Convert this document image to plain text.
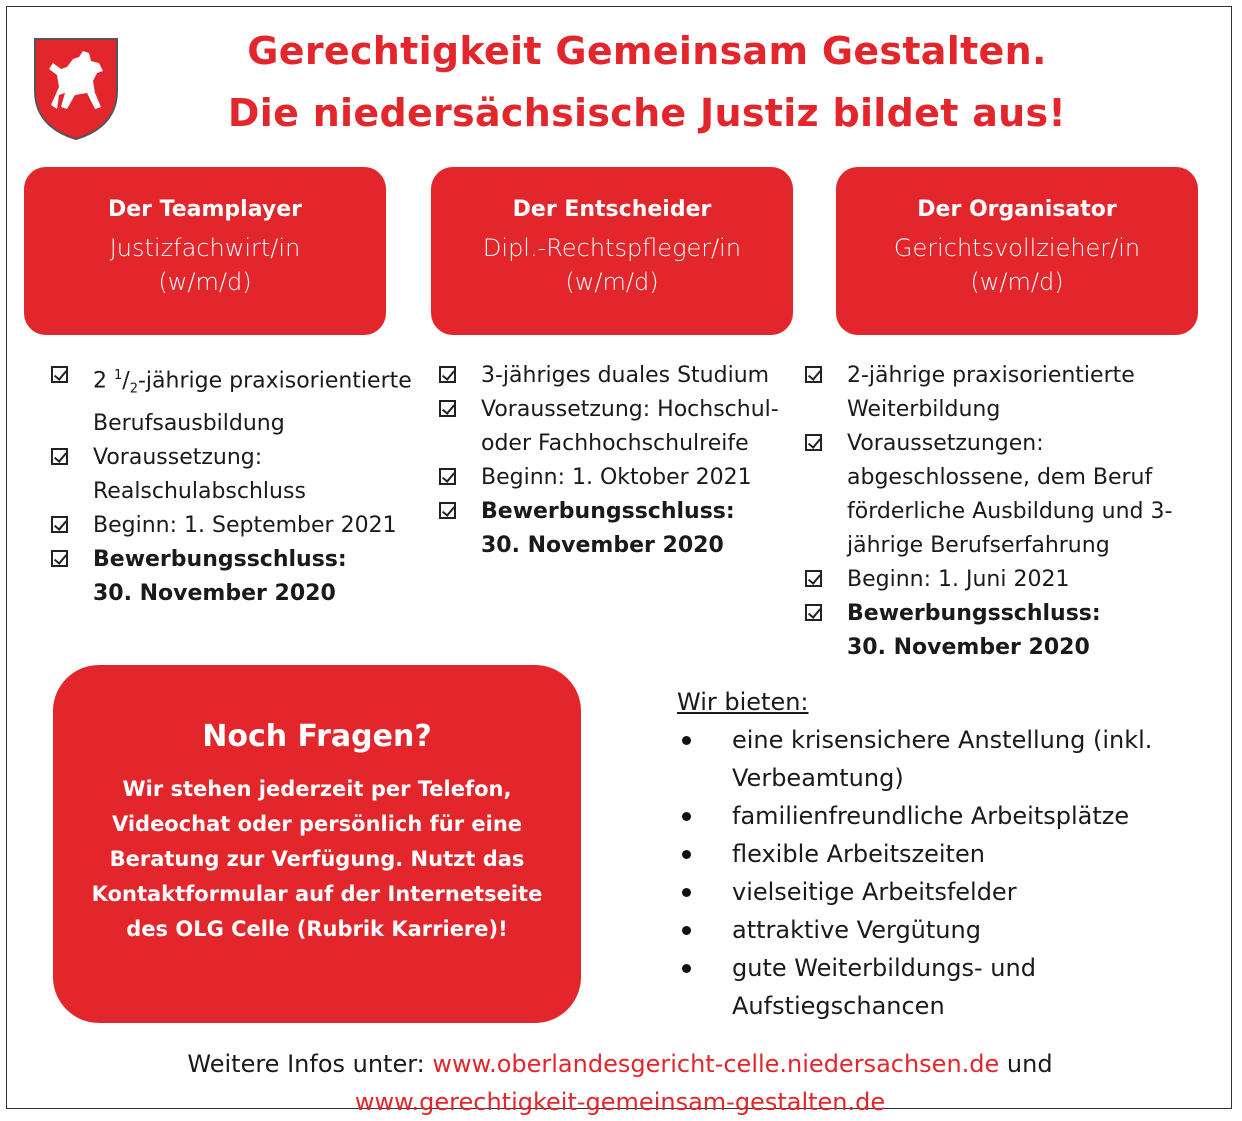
Gerechtigkeit Gemeinsam Gestalten.
Die niedersächsische Justiz bildet aus!
Der Teamplayer
Justizfachwirt/in
(w/m/d)
Der Entscheider
Dipl.-Rechtspfleger/in
(w/m/d)
Der Organisator
Gerichtsvollzieher/in
(w/m/d)
2 $^1/_2$-jährige praxisorientierte Berufsausbildung
Voraussetzung: Realschulabschluss
Beginn: 1. September 2021
Bewerbungsschluss:
30. November 2020
3-jähriges duales Studium
Voraussetzung: Hochschul- oder Fachhochschulreife
Beginn: 1. Oktober 2021
Bewerbungsschluss:
30. November 2020
2-jährige praxisorientierte Weiterbildung
Voraussetzungen: abgeschlossene, dem Beruf förderliche Ausbildung und 3-jährige Berufserfahrung
Beginn: 1. Juni 2021
Bewerbungsschluss:
30. November 2020
Noch Fragen?
Wir stehen jederzeit per Telefon, Videochat oder persönlich für eine Beratung zur Verfügung. Nutzt das Kontaktformular auf der Internetseite des OLG Celle (Rubrik Karriere)!
Wir bieten:
eine krisensichere Anstellung (inkl. Verbeamtung)
familienfreundliche Arbeitsplätze
flexible Arbeitszeiten
vielseitige Arbeitsfelder
attraktive Vergütung
gute Weiterbildungs- und Aufstiegschancen
Weitere Infos unter: www.oberlandesgericht-celle.niedersachsen.de und
www.gerechtigkeit-gemeinsam-gestalten.de
